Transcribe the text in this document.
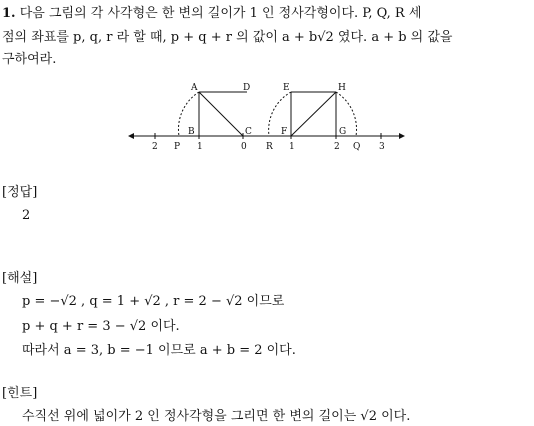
1. 다음 그림의 각 사각형은 한 변의 길이가 1 인 정사각형이다. P, Q, R 세
점의 좌표를 p, q, r 라 할 때, p + q + r 의 값이 a + b√2 였다. a + b 의 값을
구하여라.
A	D	E	H
B	C	F	G
2 P 1	0 R 1	2 Q 3
[정답]
2
[해설]
p = −√2 , q = 1 + √2 , r = 2 − √2 이므로
p + q + r = 3 − √2 이다.
따라서 a = 3, b = −1 이므로 a + b = 2 이다.
[힌트]
수직선 위에 넓이가 2 인 정사각형을 그리면 한 변의 길이는 √2 이다.
